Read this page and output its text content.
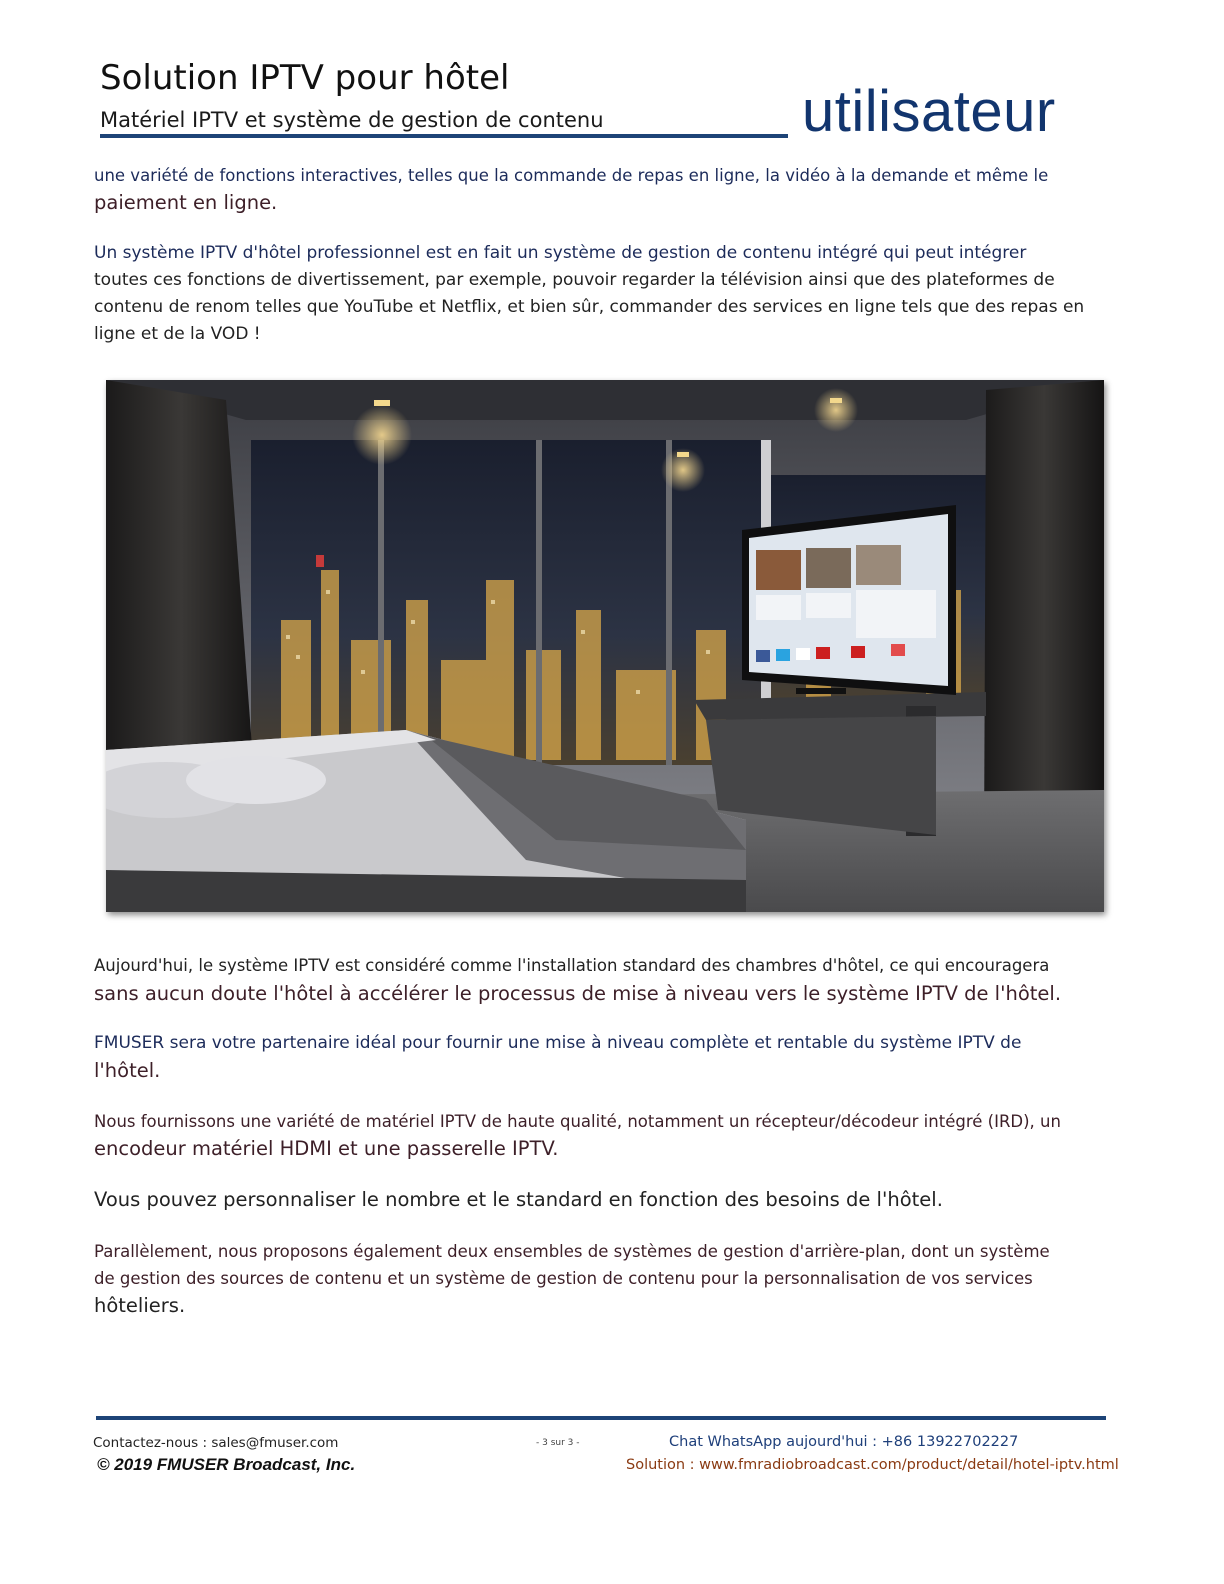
Solution IPTV pour hôtel
Matériel IPTV et système de gestion de contenu	utilisateur

une variété de fonctions interactives, telles que la commande de repas en ligne, la vidéo à la demande et même le
paiement en ligne.

Un système IPTV d'hôtel professionnel est en fait un système de gestion de contenu intégré qui peut intégrer
toutes ces fonctions de divertissement, par exemple, pouvoir regarder la télévision ainsi que des plateformes de
contenu de renom telles que YouTube et Netflix, et bien sûr, commander des services en ligne tels que des repas en
ligne et de la VOD !

Aujourd'hui, le système IPTV est considéré comme l'installation standard des chambres d'hôtel, ce qui encouragera
sans aucun doute l'hôtel à accélérer le processus de mise à niveau vers le système IPTV de l'hôtel.

FMUSER sera votre partenaire idéal pour fournir une mise à niveau complète et rentable du système IPTV de
l'hôtel.

Nous fournissons une variété de matériel IPTV de haute qualité, notamment un récepteur/décodeur intégré (IRD), un
encodeur matériel HDMI et une passerelle IPTV.

Vous pouvez personnaliser le nombre et le standard en fonction des besoins de l'hôtel.

Parallèlement, nous proposons également deux ensembles de systèmes de gestion d'arrière-plan, dont un système
de gestion des sources de contenu et un système de gestion de contenu pour la personnalisation de vos services
hôteliers.

Contactez-nous : sales@fmuser.com
© 2019 FMUSER Broadcast, Inc.
- 3 sur 3 -	Chat WhatsApp aujourd'hui : +86 13922702227
Solution : www.fmradiobroadcast.com/product/detail/hotel-iptv.html
